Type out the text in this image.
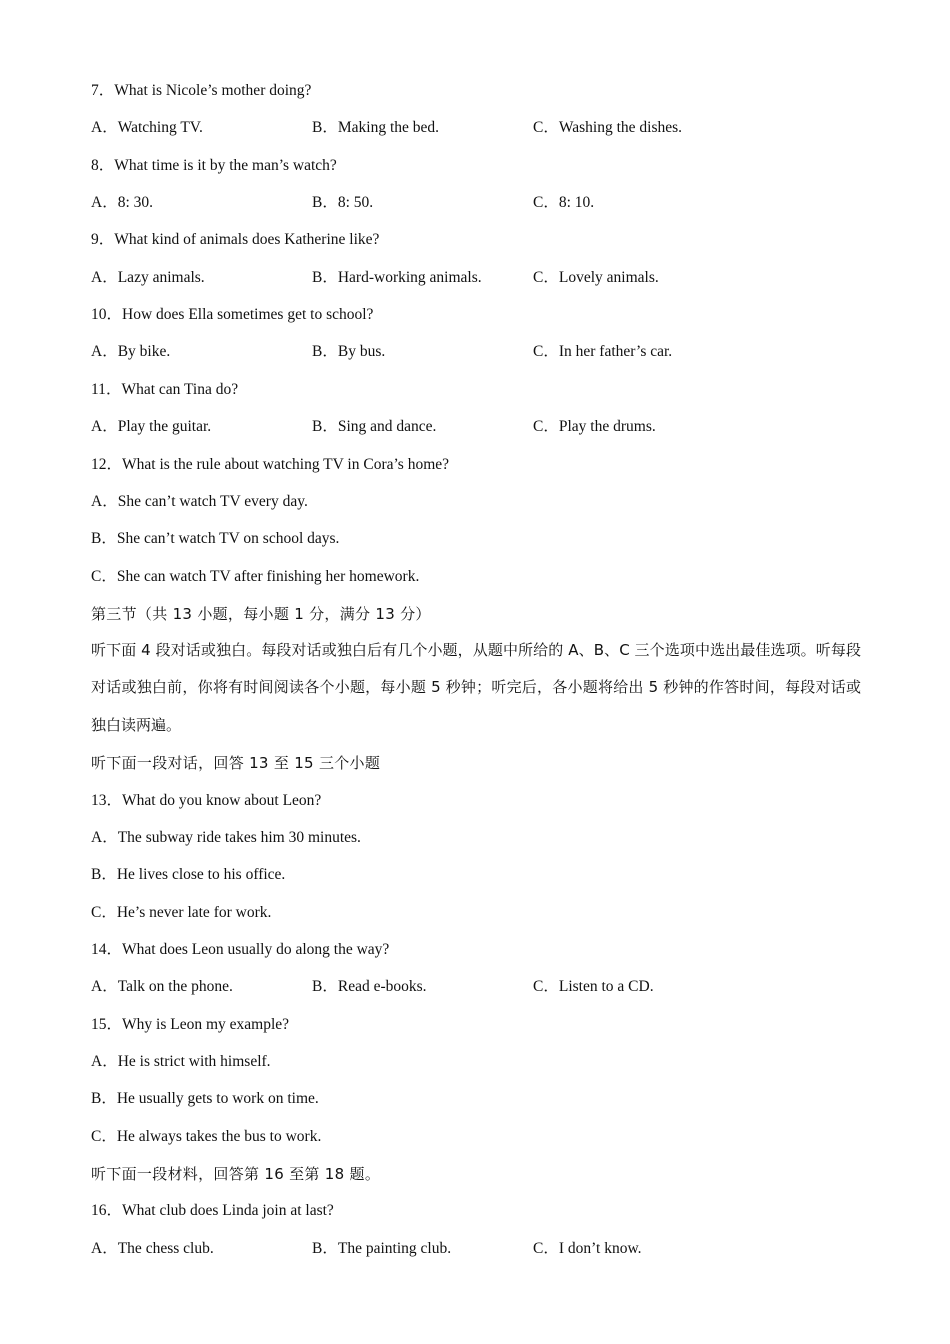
7．What is Nicole’s mother doing?
A．Watching TV.	B．Making the bed.	C．Washing the dishes.
8．What time is it by the man’s watch?
A．8: 30.	B．8: 50.	C．8: 10.
9．What kind of animals does Katherine like?
A．Lazy animals.	B．Hard-working animals.	C．Lovely animals.
10．How does Ella sometimes get to school?
A．By bike.	B．By bus.	C．In her father’s car.
11．What can Tina do?
A．Play the guitar.	B．Sing and dance.	C．Play the drums.
12．What is the rule about watching TV in Cora’s home?
A．She can’t watch TV every day.
B．She can’t watch TV on school days.
C．She can watch TV after finishing her homework.
第三节（共 13 小题，每小题 1 分，满分 13 分）
听下面 4 段对话或独白。每段对话或独白后有几个小题，从题中所给的 A、B、C 三个选项中选出最佳选项。听每段对话或独白前，你将有时间阅读各个小题，每小题 5 秒钟；听完后，各小题将给出 5 秒钟的作答时间，每段对话或独白读两遍。
听下面一段对话，回答 13 至 15 三个小题
13．What do you know about Leon?
A．The subway ride takes him 30 minutes.
B．He lives close to his office.
C．He’s never late for work.
14．What does Leon usually do along the way?
A．Talk on the phone.	B．Read e-books.	C．Listen to a CD.
15．Why is Leon my example?
A．He is strict with himself.
B．He usually gets to work on time.
C．He always takes the bus to work.
听下面一段材料，回答第 16 至第 18 题。
16．What club does Linda join at last?
A．The chess club.	B．The painting club.	C．I don’t know.
